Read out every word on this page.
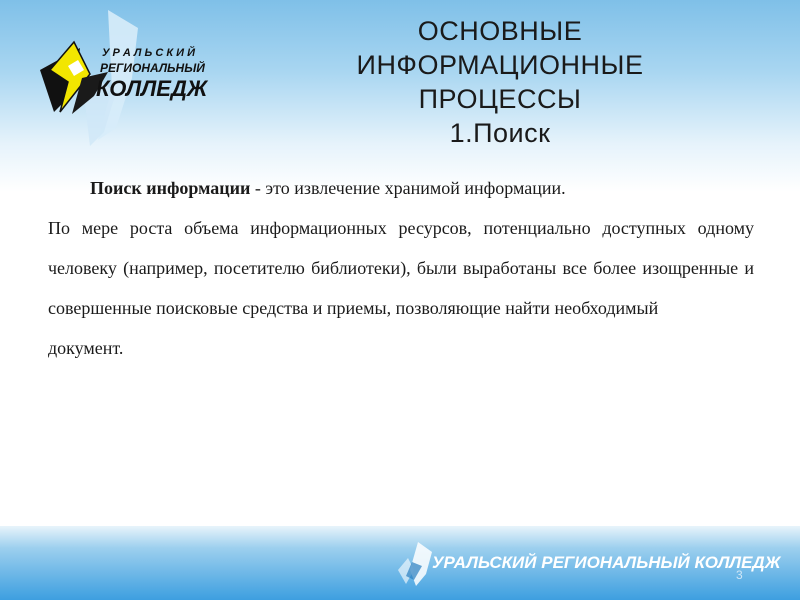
У Р А Л Ь С К И Й
РЕГИОНАЛЬНЫЙ
КОЛЛЕДЖ
ОСНОВНЫЕ
ИНФОРМАЦИОННЫЕ
ПРОЦЕССЫ
1.Поиск
Поиск информации - это извлечение хранимой информации.
По мере роста объема информационных ресурсов, потенциально доступных одному человеку (например, посетителю библиотеки), были выработаны все более изощренные и совершенные поисковые средства и приемы, позволяющие найти необходимый
документ.
УРАЛЬСКИЙ РЕГИОНАЛЬНЫЙ КОЛЛЕДЖ
3
